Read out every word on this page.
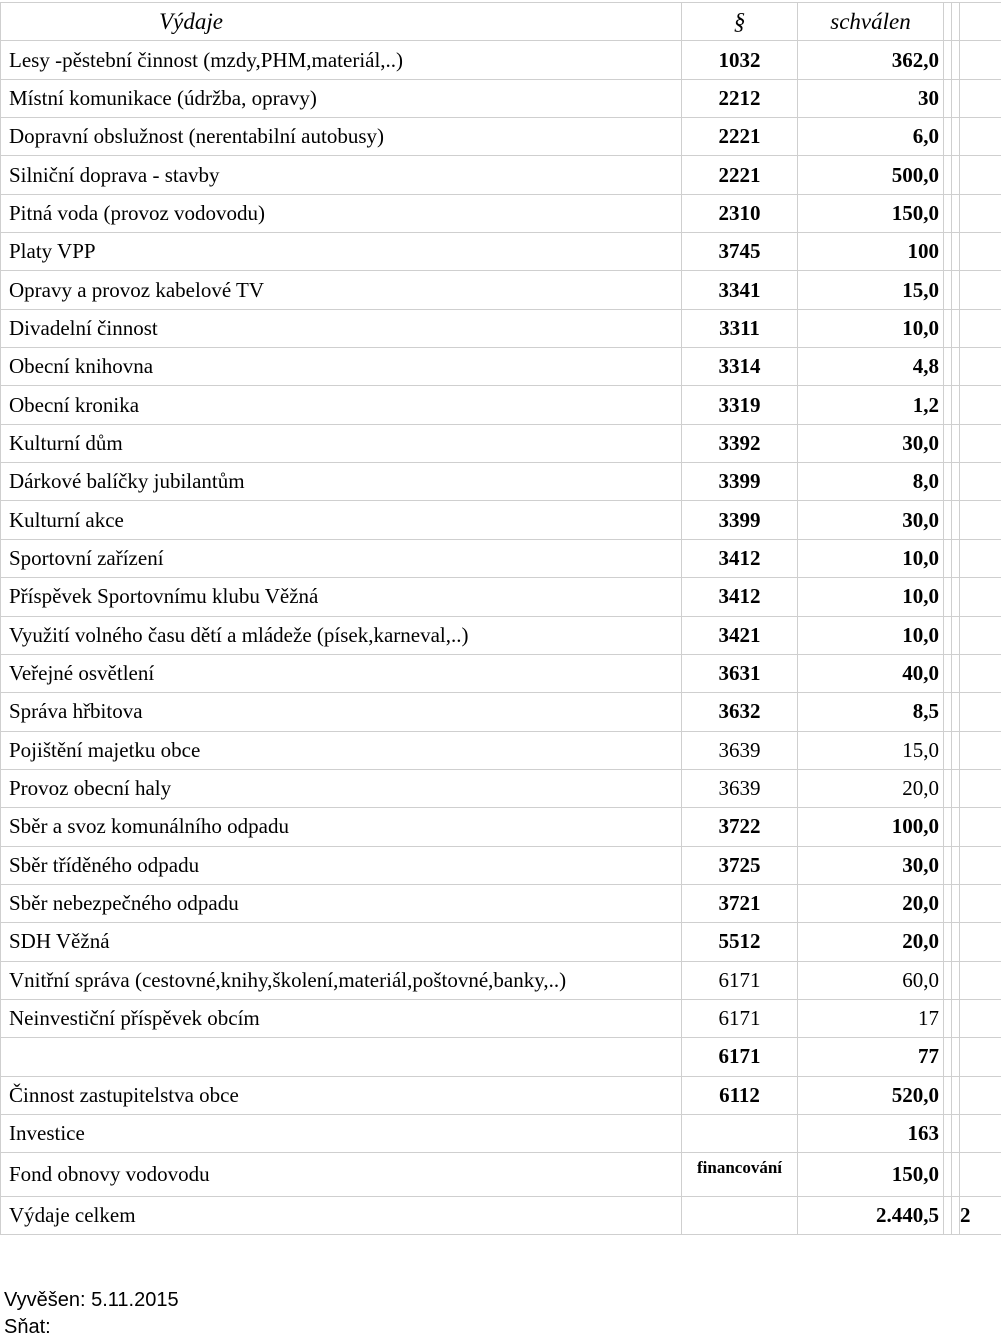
Výdaje	§	schválen			
Lesy -pěstební činnost (mzdy,PHM,materiál,..)	1032	362,0			
Místní komunikace (údržba, opravy)	2212	30			
Dopravní obslužnost (nerentabilní autobusy)	2221	6,0			
Silniční doprava - stavby	2221	500,0			
Pitná voda (provoz vodovodu)	2310	150,0			
Platy VPP	3745	100			
Opravy a provoz kabelové TV	3341	15,0			
Divadelní činnost	3311	10,0			
Obecní knihovna	3314	4,8			
Obecní kronika	3319	1,2			
Kulturní dům	3392	30,0			
Dárkové balíčky jubilantům	3399	8,0			
Kulturní akce	3399	30,0			
Sportovní zařízení	3412	10,0			
Příspěvek Sportovnímu klubu Věžná	3412	10,0			
Využití volného času dětí a mládeže (písek,karneval,..)	3421	10,0			
Veřejné osvětlení	3631	40,0			
Správa hřbitova	3632	8,5			
Pojištění majetku obce	3639	15,0			
Provoz obecní haly	3639	20,0			
Sběr a svoz komunálního odpadu	3722	100,0			
Sběr tříděného odpadu	3725	30,0			
Sběr nebezpečného odpadu	3721	20,0			
SDH Věžná	5512	20,0			
Vnitřní správa (cestovné,knihy,školení,materiál,poštovné,banky,..)	6171	60,0			
Neinvestiční příspěvek obcím	6171	17			
	6171	77			
Činnost zastupitelstva obce	6112	520,0			
Investice		163			
Fond obnovy vodovodu	financování	150,0			
Výdaje celkem		2.440,5			2
Vyvěšen: 5.11.2015
Sňat:
